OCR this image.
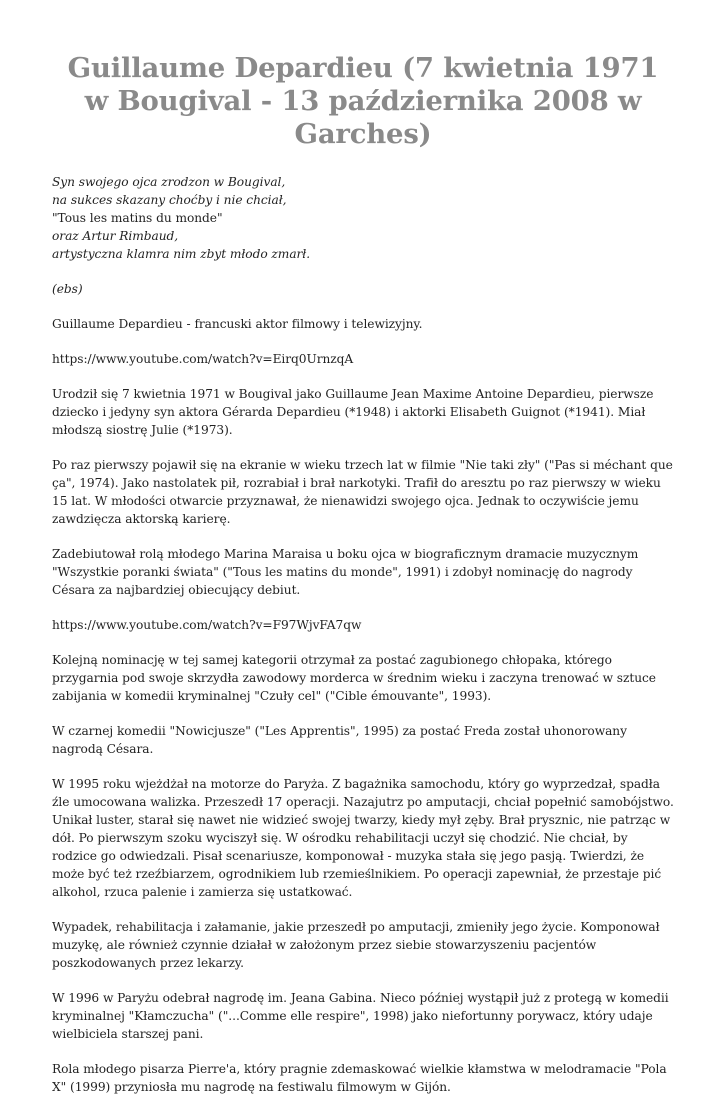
Guillaume Depardieu (7 kwietnia 1971 w Bougival - 13 października 2008 w Garches)

Syn swojego ojca zrodzon w Bougival,

na sukces skazany choćby i nie chciał,

"Tous les matins du monde"

oraz Artur Rimbaud,

artystyczna klamra nim zbyt młodo zmarł.

(ebs)

Guillaume Depardieu - francuski aktor filmowy i telewizyjny.

https://www.youtube.com/watch?v=Eirq0UrnzqA

Urodził się 7 kwietnia 1971 w Bougival jako Guillaume Jean Maxime Antoine Depardieu, pierwsze dziecko i jedyny syn aktora Gérarda Depardieu (*1948) i aktorki Elisabeth Guignot (*1941). Miał młodszą siostrę Julie (*1973).

Po raz pierwszy pojawił się na ekranie w wieku trzech lat w filmie "Nie taki zły" ("Pas si méchant que ça", 1974). Jako nastolatek pił, rozrabiał i brał narkotyki. Trafił do aresztu po raz pierwszy w wieku 15 lat. W młodości otwarcie przyznawał, że nienawidzi swojego ojca. Jednak to oczywiście jemu zawdzięcza aktorską karierę.

Zadebiutował rolą młodego Marina Maraisa u boku ojca w biograficznym dramacie muzycznym "Wszystkie poranki świata" ("Tous les matins du monde", 1991) i zdobył nominację do nagrody Césara za najbardziej obiecujący debiut.

https://www.youtube.com/watch?v=F97WjvFA7qw

Kolejną nominację w tej samej kategorii otrzymał za postać zagubionego chłopaka, którego przygarnia pod swoje skrzydła zawodowy morderca w średnim wieku i zaczyna trenować w sztuce zabijania w komedii kryminalnej "Czuły cel" ("Cible émouvante", 1993).

W czarnej komedii "Nowicjusze" ("Les Apprentis", 1995) za postać Freda został uhonorowany nagrodą Césara.

W 1995 roku wjeżdżał na motorze do Paryża. Z bagażnika samochodu, który go wyprzedzał, spadła źle umocowana walizka. Przeszedł 17 operacji. Nazajutrz po amputacji, chciał popełnić samobójstwo. Unikał luster, starał się nawet nie widzieć swojej twarzy, kiedy mył zęby. Brał prysznic, nie patrząc w dół. Po pierwszym szoku wyciszył się. W ośrodku rehabilitacji uczył się chodzić. Nie chciał, by rodzice go odwiedzali. Pisał scenariusze, komponował - muzyka stała się jego pasją. Twierdzi, że może być też rzeźbiarzem, ogrodnikiem lub rzemieślnikiem. Po operacji zapewniał, że przestaje pić alkohol, rzuca palenie i zamierza się ustatkować.

Wypadek, rehabilitacja i załamanie, jakie przeszedł po amputacji, zmieniły jego życie. Komponował muzykę, ale również czynnie działał w założonym przez siebie stowarzyszeniu pacjentów poszkodowanych przez lekarzy.

W 1996 w Paryżu odebrał nagrodę im. Jeana Gabina. Nieco później wystąpił już z protegą w komedii kryminalnej "Kłamczucha" ("...Comme elle respire", 1998) jako niefortunny porywacz, który udaje wielbiciela starszej pani.

Rola młodego pisarza Pierre'a, który pragnie zdemaskować wielkie kłamstwa w melodramacie "Pola X" (1999) przyniosła mu nagrodę na festiwalu filmowym w Gijón.
